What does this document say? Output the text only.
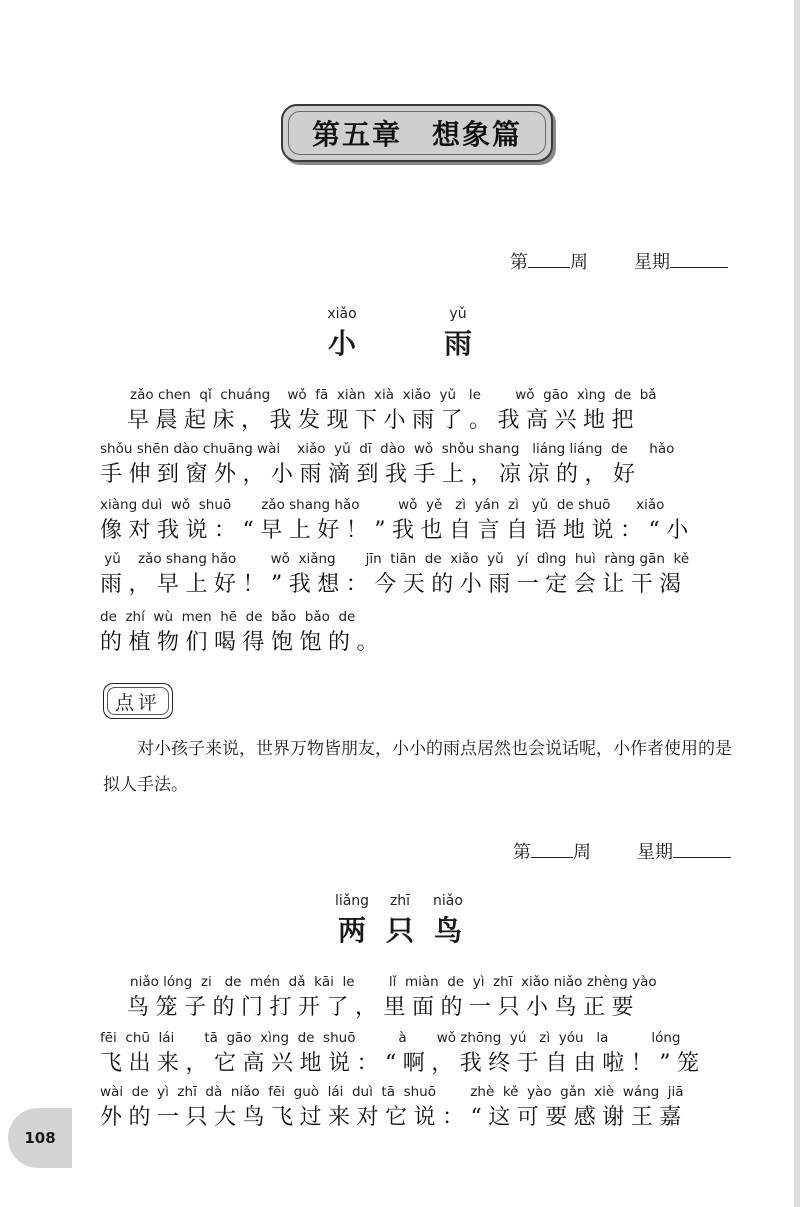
第五章　想象篇
第 周	星期
xiǎo	yǔ
小	雨
zǎo chen  qǐ  chuáng    wǒ  fā  xiàn  xià  xiǎo  yǔ   le        wǒ  gāo  xìng  de  bǎ
早晨起床，我发现下小雨了。我高兴地把
shǒu shēn dào chuāng wài    xiǎo  yǔ  dī  dào  wǒ  shǒu shang   liáng liáng  de     hǎo
手伸到窗外，小雨滴到我手上，凉凉的，好
xiàng duì  wǒ  shuō       zǎo shang hǎo         wǒ  yě   zì  yán  zì   yǔ  de shuō      xiǎo
像对我说：“早上好！”我也自言自语地说：“小
yǔ    zǎo shang hǎo        wǒ  xiǎng       jīn  tiān  de  xiǎo  yǔ   yí  dìng  huì  ràng gān  kě
雨，早上好！”我想：今天的小雨一定会让干渴
de  zhí  wù  men  hē  de  bǎo  bǎo  de
的植物们喝得饱饱的。
点评
对小孩子来说，世界万物皆朋友，小小的雨点居然也会说话呢，小作者使用的是拟人手法。
第 周	星期
liǎng	zhī	niǎo
两 只 鸟
niǎo lóng  zi   de  mén  dǎ  kāi  le        lǐ  miàn  de  yì  zhī  xiǎo niǎo zhèng yào
鸟笼子的门打开了，里面的一只小鸟正要
fēi  chū  lái       tā  gāo  xìng  de  shuō          à       wǒ zhōng  yú   zì  yóu   la          lóng
飞出来，它高兴地说：“啊，我终于自由啦！”笼
wài  de  yì  zhī  dà  niǎo  fēi  guò  lái  duì  tā  shuō        zhè  kě  yào  gǎn  xiè  wáng  jiā
外的一只大鸟飞过来对它说：“这可要感谢王嘉
108
